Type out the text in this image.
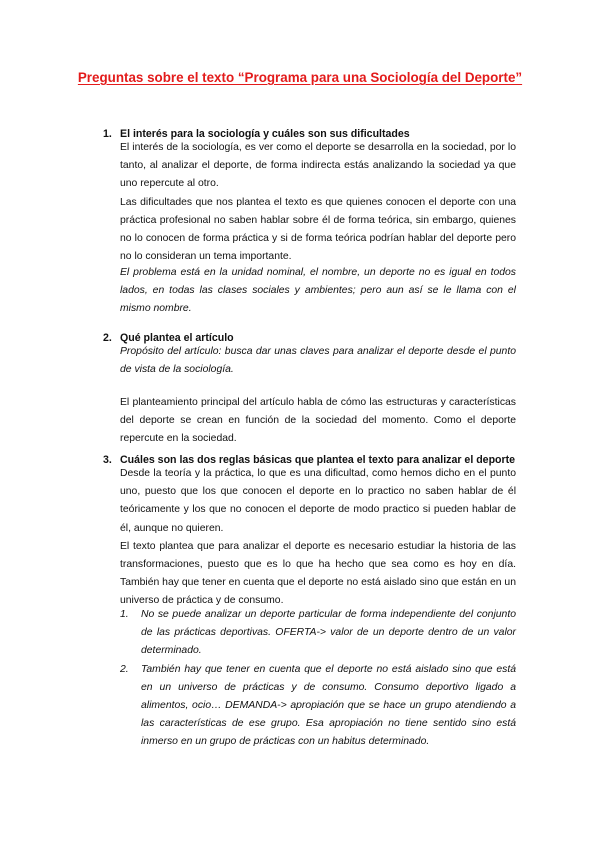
Preguntas sobre el texto “Programa para una Sociología del Deporte”
1. El interés para la sociología y cuáles son sus dificultades

El interés de la sociología, es ver como el deporte se desarrolla en la sociedad, por lo tanto, al analizar el deporte, de forma indirecta estás analizando la sociedad ya que uno repercute al otro.

Las dificultades que nos plantea el texto es que quienes conocen el deporte con una práctica profesional no saben hablar sobre él de forma teórica, sin embargo, quienes no lo conocen de forma práctica y si de forma teórica podrían hablar del deporte pero no lo consideran un tema importante.

El problema está en la unidad nominal, el nombre, un deporte no es igual en todos lados, en todas las clases sociales y ambientes; pero aun así se le llama con el mismo nombre.

2. Qué plantea el artículo

Propósito del artículo: busca dar unas claves para analizar el deporte desde el punto de vista de la sociología.

El planteamiento principal del artículo habla de cómo las estructuras y características del deporte se crean en función de la sociedad del momento. Como el deporte repercute en la sociedad.

3. Cuáles son las dos reglas básicas que plantea el texto para analizar el deporte

Desde la teoría y la práctica, lo que es una dificultad, como hemos dicho en el punto uno, puesto que los que conocen el deporte en lo practico no saben hablar de él teóricamente y los que no conocen el deporte de modo practico si pueden hablar de él, aunque no quieren.

El texto plantea que para analizar el deporte es necesario estudiar la historia de las transformaciones, puesto que es lo que ha hecho que sea como es hoy en día. También hay que tener en cuenta que el deporte no está aislado sino que están en un universo de práctica y de consumo.

1. No se puede analizar un deporte particular de forma independiente del conjunto de las prácticas deportivas. OFERTA-> valor de un deporte dentro de un valor determinado.

2. También hay que tener en cuenta que el deporte no está aislado sino que está en un universo de prácticas y de consumo. Consumo deportivo ligado a alimentos, ocio… DEMANDA-> apropiación que se hace un grupo atendiendo a las características de ese grupo. Esa apropiación no tiene sentido sino está inmerso en un grupo de prácticas con un habitus determinado.
